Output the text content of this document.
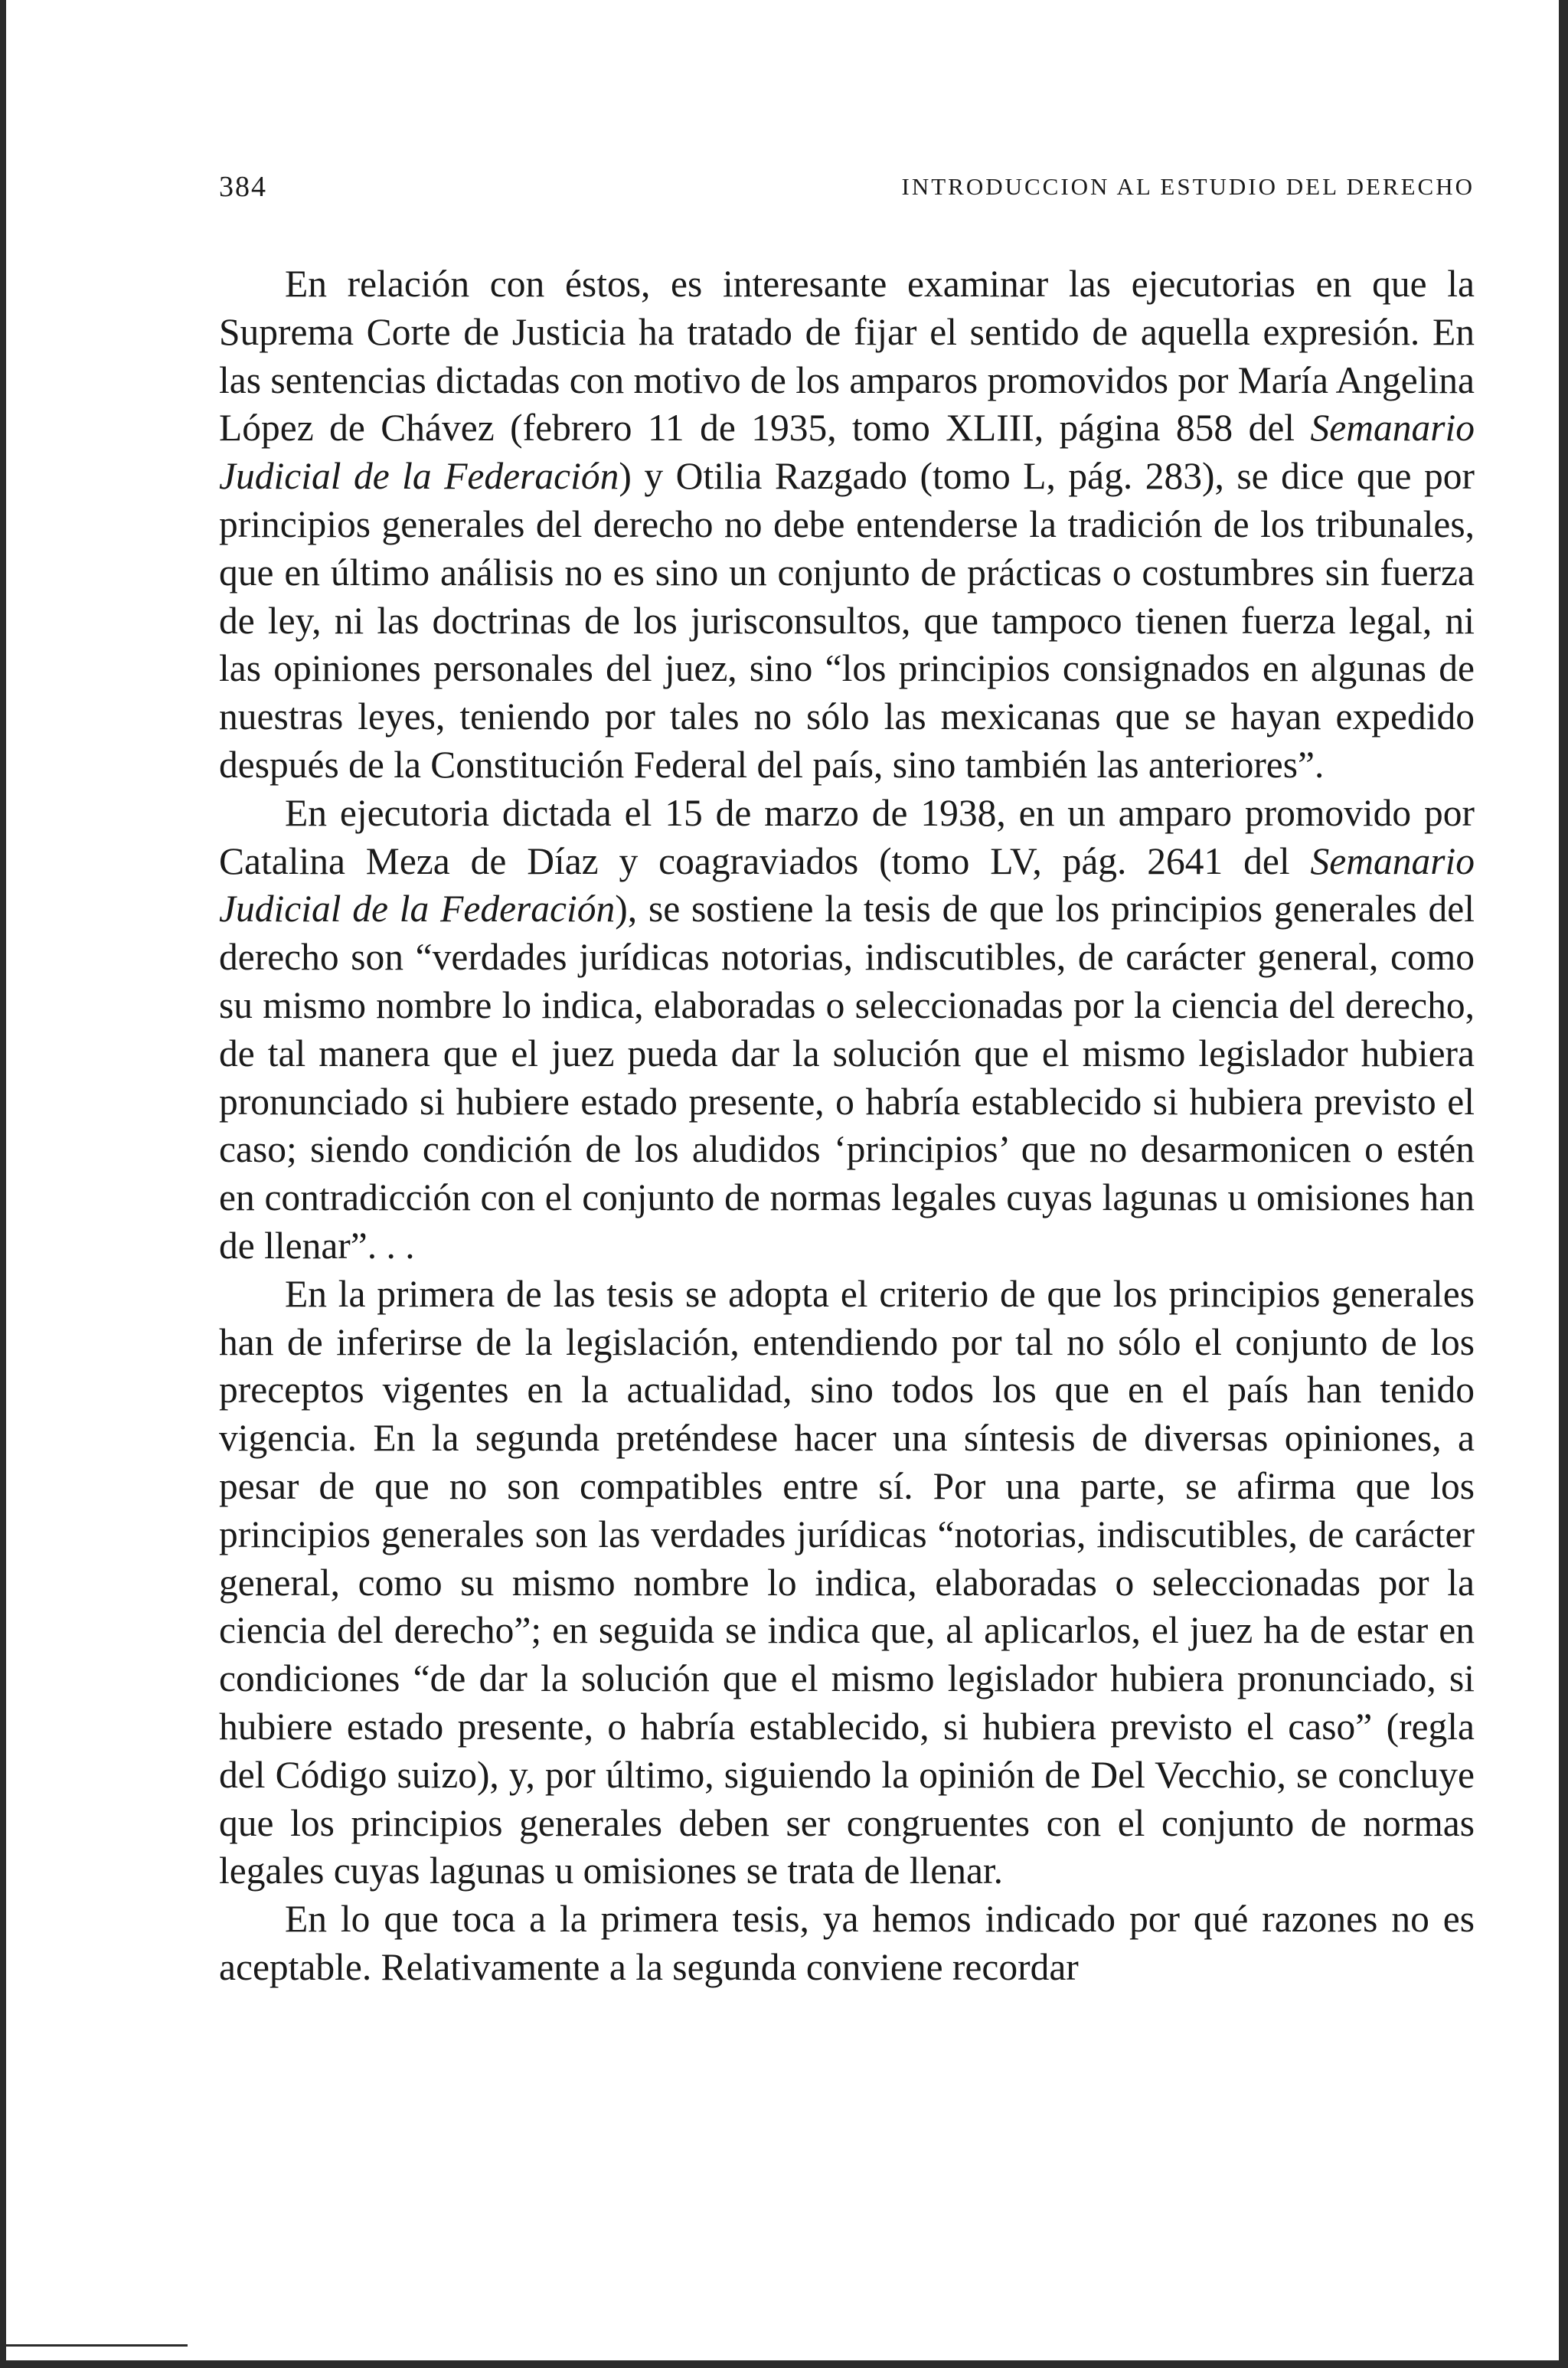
384	INTRODUCCION AL ESTUDIO DEL DERECHO

En relación con éstos, es interesante examinar las ejecutorias en que la Suprema Corte de Justicia ha tratado de fijar el sentido de aquella expresión. En las sentencias dictadas con motivo de los amparos promovidos por María Angelina López de Chávez (febrero 11 de 1935, tomo XLIII, página 858 del Semanario Judicial de la Federación) y Otilia Razgado (tomo L, pág. 283), se dice que por principios generales del derecho no debe entenderse la tradición de los tribunales, que en último análisis no es sino un conjunto de prácticas o costumbres sin fuerza de ley, ni las doctrinas de los jurisconsultos, que tampoco tienen fuerza legal, ni las opiniones personales del juez, sino “los principios consignados en algunas de nuestras leyes, teniendo por tales no sólo las mexicanas que se hayan expedido después de la Constitución Federal del país, sino también las anteriores”.

En ejecutoria dictada el 15 de marzo de 1938, en un amparo promovido por Catalina Meza de Díaz y coagraviados (tomo LV, pág. 2641 del Semanario Judicial de la Federación), se sostiene la tesis de que los principios generales del derecho son “verdades jurídicas notorias, indiscutibles, de carácter general, como su mismo nombre lo indica, elaboradas o seleccionadas por la ciencia del derecho, de tal manera que el juez pueda dar la solución que el mismo legislador hubiera pronunciado si hubiere estado presente, o habría establecido si hubiera previsto el caso; siendo condición de los aludidos ‘principios’ que no desarmonicen o estén en contradicción con el conjunto de normas legales cuyas lagunas u omisiones han de llenar”. . .

En la primera de las tesis se adopta el criterio de que los principios generales han de inferirse de la legislación, entendiendo por tal no sólo el conjunto de los preceptos vigentes en la actualidad, sino todos los que en el país han tenido vigencia. En la segunda preténdese hacer una síntesis de diversas opiniones, a pesar de que no son compatibles entre sí. Por una parte, se afirma que los principios generales son las verdades jurídicas “notorias, indiscutibles, de carácter general, como su mismo nombre lo indica, elaboradas o seleccionadas por la ciencia del derecho”; en seguida se indica que, al aplicarlos, el juez ha de estar en condiciones “de dar la solución que el mismo legislador hubiera pronunciado, si hubiere estado presente, o habría establecido, si hubiera previsto el caso” (regla del Código suizo), y, por último, siguiendo la opinión de Del Vecchio, se concluye que los principios generales deben ser congruentes con el conjunto de normas legales cuyas lagunas u omisiones se trata de llenar.

En lo que toca a la primera tesis, ya hemos indicado por qué razones no es aceptable. Relativamente a la segunda conviene recordar
